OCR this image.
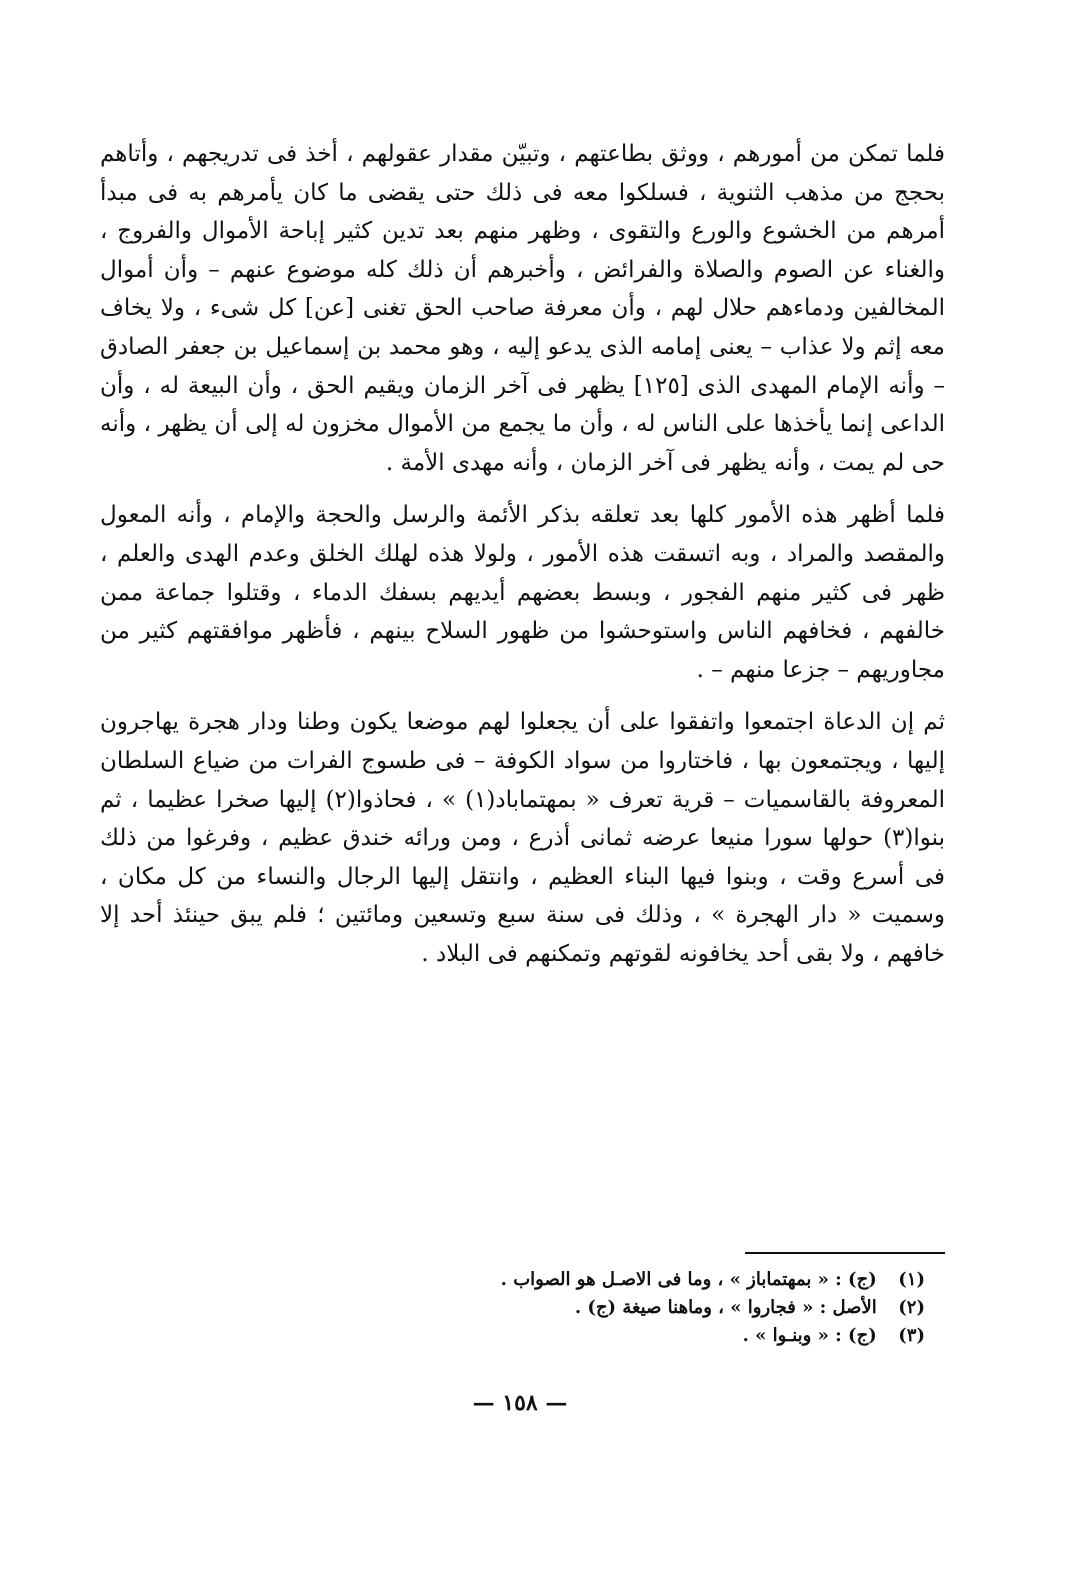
فلما تمكن من أمورهم ، ووثق بطاعتهم ، وتبيّن مقدار عقولهم ، أخذ فى تدريجهم ، وأتاهم بحجج من مذهب الثنوية ، فسلكوا معه فى ذلك حتى يقضى ما كان يأمرهم به فى مبدأ أمرهم من الخشوع والورع والتقوى ، وظهر منهم بعد تدين كثير إباحة الأموال والفروج ، والغناء عن الصوم والصلاة والفرائض ، وأخبرهم أن ذلك كله موضوع عنهم – وأن أموال المخالفين ودماءهم حلال لهم ، وأن معرفة صاحب الحق تغنى [عن] كل شىء ، ولا يخاف معه إثم ولا عذاب – يعنى إمامه الذى يدعو إليه ، وهو محمد بن إسماعيل بن جعفر الصادق – وأنه الإمام المهدى الذى [١٢٥] يظهر فى آخر الزمان ويقيم الحق ، وأن البيعة له ، وأن الداعى إنما يأخذها على الناس له ، وأن ما يجمع من الأموال مخزون له إلى أن يظهر ، وأنه حى لم يمت ، وأنه يظهر فى آخر الزمان ، وأنه مهدى الأمة .

فلما أظهر هذه الأمور كلها بعد تعلقه بذكر الأئمة والرسل والحجة والإمام ، وأنه المعول والمقصد والمراد ، وبه اتسقت هذه الأمور ، ولولا هذه لهلك الخلق وعدم الهدى والعلم ، ظهر فى كثير منهم الفجور ، وبسط بعضهم أيديهم بسفك الدماء ، وقتلوا جماعة ممن خالفهم ، فخافهم الناس واستوحشوا من ظهور السلاح بينهم ، فأظهر موافقتهم كثير من مجاوريهم – جزعا منهم – .

ثم إن الدعاة اجتمعوا واتفقوا على أن يجعلوا لهم موضعا يكون وطنا ودار هجرة يهاجرون إليها ، ويجتمعون بها ، فاختاروا من سواد الكوفة – فى طسوج الفرات من ضياع السلطان المعروفة بالقاسميات – قرية تعرف « بمهتماباد(١) » ، فحاذوا(٢) إليها صخرا عظيما ، ثم بنوا(٣) حولها سورا منيعا عرضه ثمانى أذرع ، ومن ورائه خندق عظيم ، وفرغوا من ذلك فى أسرع وقت ، وبنوا فيها البناء العظيم ، وانتقل إليها الرجال والنساء من كل مكان ، وسميت « دار الهجرة » ، وذلك فى سنة سبع وتسعين ومائتين ؛ فلم يبق حينئذ أحد إلا خافهم ، ولا بقى أحد يخافونه لقوتهم وتمكنهم فى البلاد .

(١) (ج) : « بمهتماباز » ، وما فى الاصـل هو الصواب .
(٢) الأصل : « فجاروا » ، وماهنا صيغة (ج) .
(٣) (ج) : « وبنـوا » .
— ١٥٨ —
